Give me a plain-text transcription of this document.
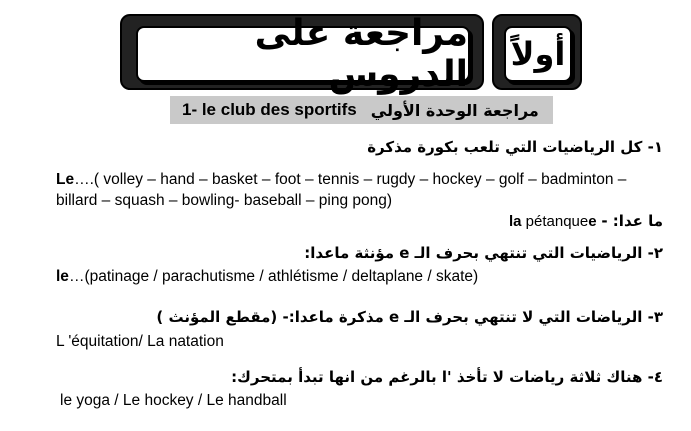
مراجعة على الدروس أولاً
1- le club des sportifs مراجعة الوحدة الأولي
١- كل الرياضيات التي تلعب بكورة مذكرة
Le….( volley – hand – basket – foot – tennis – rugdy – hockey – golf – badminton –
billard – squash – bowling- baseball – ping pong)
ما عدا: - la pétanquee
٢- الرياضيات التي تنتهي بحرف الـ e مؤنثة ماعدا:
le…(patinage / parachutisme / athlétisme / deltaplane / skate)
٣- الرياضات التي لا تنتهي بحرف الـ e مذكرة ماعدا:- (مقطع المؤنث )
L 'équitation/ La natation
٤- هناك ثلاثة رياضات لا تأخذ 'l بالرغم من انها تبدأ بمتحرك:
le yoga / Le hockey / Le handball
